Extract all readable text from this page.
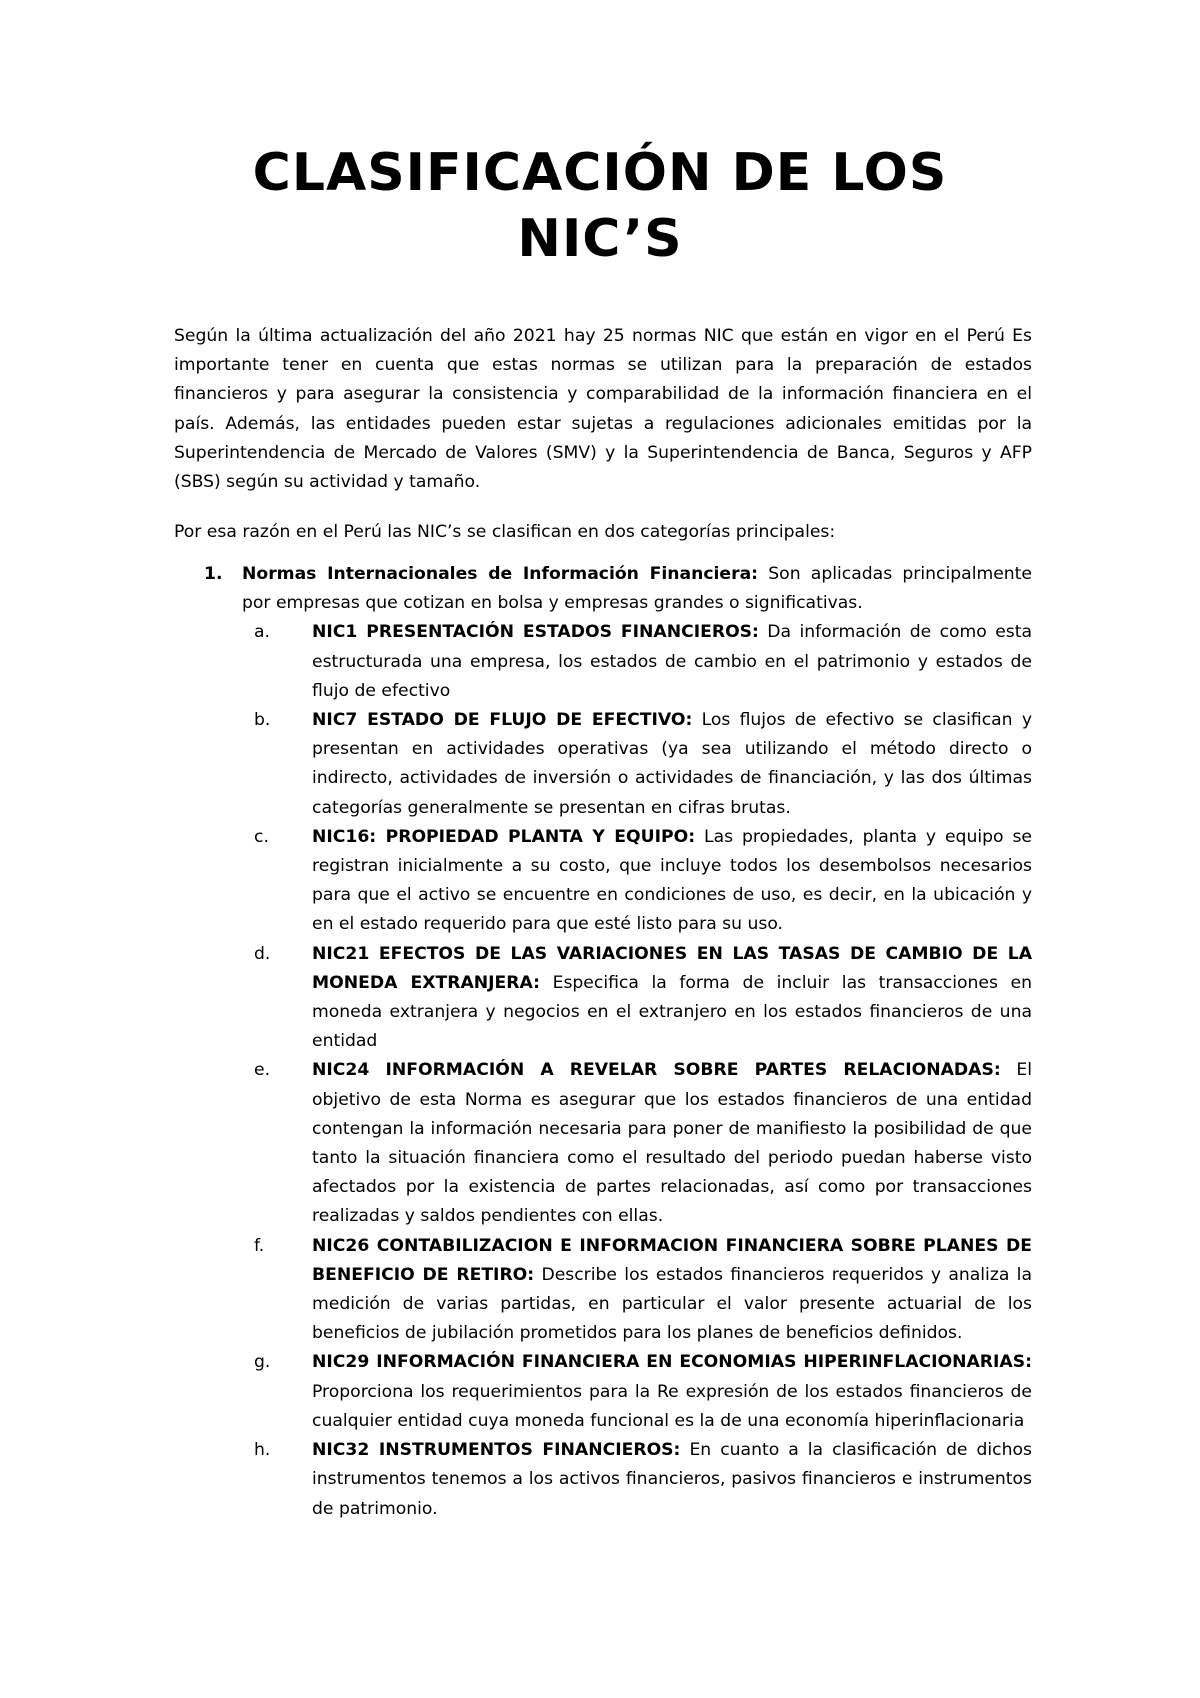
CLASIFICACIÓN DE LOS
NIC’S

Según la última actualización del año 2021 hay 25 normas NIC que están en vigor en el Perú Es importante tener en cuenta que estas normas se utilizan para la preparación de estados financieros y para asegurar la consistencia y comparabilidad de la información financiera en el país. Además, las entidades pueden estar sujetas a regulaciones adicionales emitidas por la Superintendencia de Mercado de Valores (SMV) y la Superintendencia de Banca, Seguros y AFP (SBS) según su actividad y tamaño.

Por esa razón en el Perú las NIC’s se clasifican en dos categorías principales:

1. Normas Internacionales de Información Financiera: Son aplicadas principalmente por empresas que cotizan en bolsa y empresas grandes o significativas.
a. NIC1 PRESENTACIÓN ESTADOS FINANCIEROS: Da información de como esta estructurada una empresa, los estados de cambio en el patrimonio y estados de flujo de efectivo
b. NIC7 ESTADO DE FLUJO DE EFECTIVO: Los flujos de efectivo se clasifican y presentan en actividades operativas (ya sea utilizando el método directo o indirecto, actividades de inversión o actividades de financiación, y las dos últimas categorías generalmente se presentan en cifras brutas.
c.	NIC16: PROPIEDAD PLANTA Y EQUIPO: Las propiedades, planta y equipo se registran inicialmente a su costo, que incluye todos los desembolsos necesarios para que el activo se encuentre en condiciones de uso, es decir, en la ubicación y en el estado requerido para que esté listo para su uso.
d. NIC21 EFECTOS DE LAS VARIACIONES EN LAS TASAS DE CAMBIO DE LA MONEDA EXTRANJERA: Especifica la forma de incluir las transacciones en moneda extranjera y negocios en el extranjero en los estados financieros de una entidad
e. NIC24 INFORMACIÓN A REVELAR SOBRE PARTES RELACIONADAS: El objetivo de esta Norma es asegurar que los estados financieros de una entidad contengan la información necesaria para poner de manifiesto la posibilidad de que tanto la situación financiera como el resultado del periodo puedan haberse visto afectados por la existencia de partes relacionadas, así como por transacciones realizadas y saldos pendientes con ellas.
f.	NIC26 CONTABILIZACION E INFORMACION FINANCIERA SOBRE PLANES DE BENEFICIO DE RETIRO: Describe los estados financieros requeridos y analiza la medición de varias partidas, en particular el valor presente actuarial de los beneficios de jubilación prometidos para los planes de beneficios definidos.
g. NIC29 INFORMACIÓN FINANCIERA EN ECONOMIAS HIPERINFLACIONARIAS: Proporciona los requerimientos para la Re expresión de los estados financieros de cualquier entidad cuya moneda funcional es la de una economía hiperinflacionaria
h. NIC32 INSTRUMENTOS FINANCIEROS: En cuanto a la clasificación de dichos instrumentos tenemos a los activos financieros, pasivos financieros e instrumentos de patrimonio.
